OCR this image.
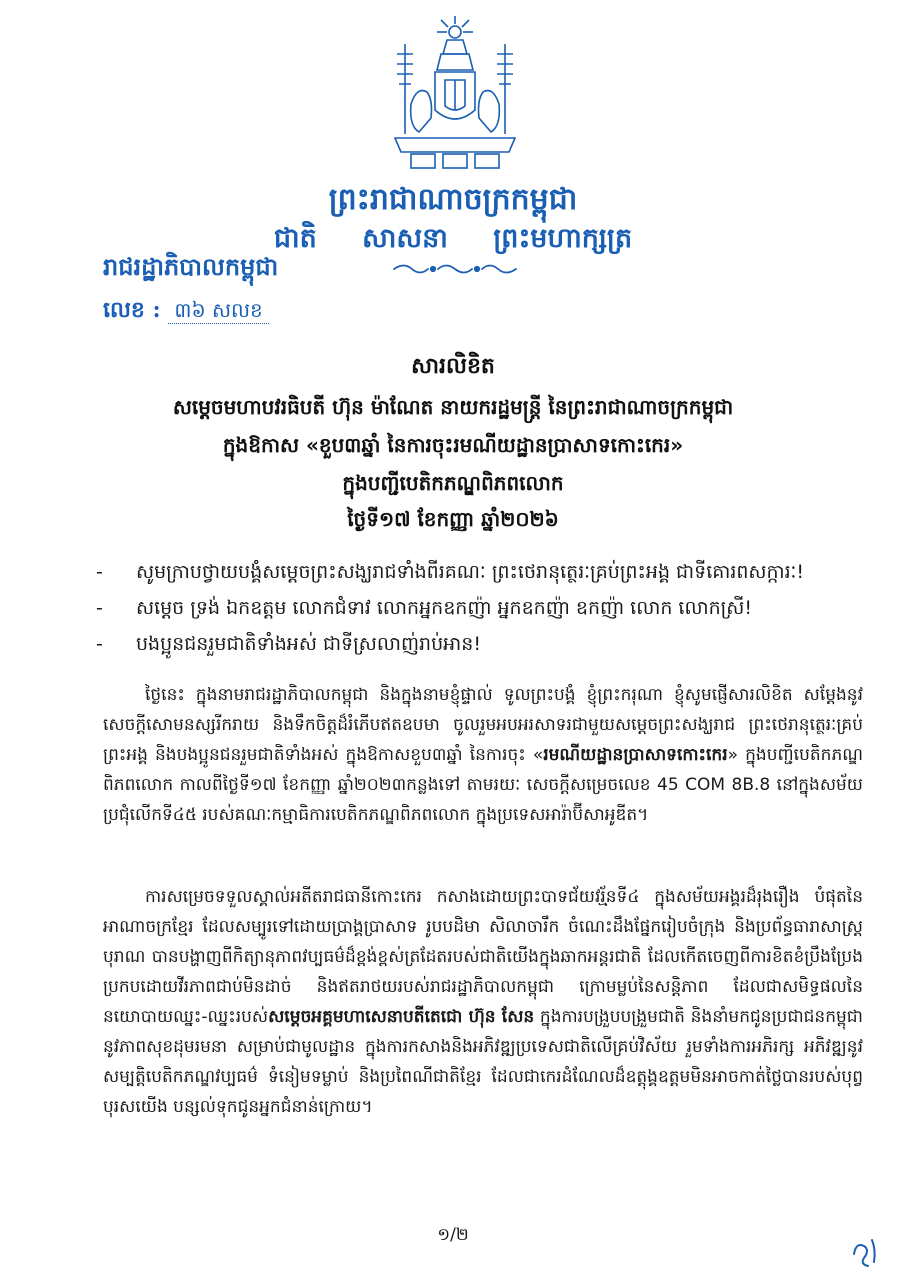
ព្រះរាជាណាចក្រកម្ពុជា
ជាតិ សាសនា ព្រះមហាក្សត្រ
រាជរដ្ឋាភិបាលកម្ពុជា
លេខ : ៣៦ សលខ
សារលិខិត
សម្តេចមហាបវរធិបតី ហ៊ុន ម៉ាណែត នាយករដ្ឋមន្ត្រី នៃព្រះរាជាណាចក្រកម្ពុជា
ក្នុងឱកាស «ខួប៣ឆ្នាំ នៃការចុះរមណីយដ្ឋានប្រាសាទកោះកេរ»
ក្នុងបញ្ជីបេតិកភណ្ឌពិភពលោក
ថ្ងៃទី១៧ ខែកញ្ញា ឆ្នាំ២០២៦
- សូមក្រាបថ្វាយបង្គំសម្តេចព្រះសង្ឃរាជទាំងពីរគណៈ ព្រះថេរានុត្ថេរៈគ្រប់ព្រះអង្គ ជាទីគោរពសក្ការៈ!
- សម្តេច ទ្រង់ ឯកឧត្តម លោកជំទាវ លោកអ្នកឧកញ៉ា អ្នកឧកញ៉ា ឧកញ៉ា លោក លោកស្រី!
- បងប្អូនជនរួមជាតិទាំងអស់ ជាទីស្រលាញ់រាប់អាន!

ថ្ងៃនេះ ក្នុងនាមរាជរដ្ឋាភិបាលកម្ពុជា និងក្នុងនាមខ្ញុំផ្ទាល់ ទូលព្រះបង្គំ ខ្ញុំព្រះករុណា ខ្ញុំសូមផ្ញើសារលិខិត សម្តែងនូវសេចក្តីសោមនស្សរីករាយ និងទឹកចិត្តដ៏រំភើបឥតឧបមា ចូលរួមអបអរសាទរជាមួយសម្តេចព្រះសង្ឃរាជ ព្រះថេរានុត្ថេរៈគ្រប់ព្រះអង្គ និងបងប្អូនជនរួមជាតិទាំងអស់ ក្នុងឱកាសខួប៣ឆ្នាំ នៃការចុះ «រមណីយដ្ឋានប្រាសាទកោះកេរ» ក្នុងបញ្ជីបេតិកភណ្ឌពិភពលោក កាលពីថ្ងៃទី១៧ ខែកញ្ញា ឆ្នាំ២០២៣កន្លងទៅ តាមរយៈ សេចក្តីសម្រេចលេខ 45 COM 8B.8 នៅក្នុងសម័យប្រជុំលើកទី៤៥ របស់គណៈកម្មាធិការបេតិកភណ្ឌពិភពលោក ក្នុងប្រទេសអារ៉ាប៊ីសាអូឌីត។

ការសម្រេចទទួលស្គាល់អតីតរាជធានីកោះកេរ កសាងដោយព្រះបាទជ័យវរ្ម័នទី៤ ក្នុងសម័យអង្គរដ៏រុងរឿង បំផុតនៃអាណាចក្រខ្មែរ ដែលសម្បូរទៅដោយប្រាង្គប្រាសាទ រូបបដិមា សិលាចារឹក ចំណេះដឹងផ្នែករៀបចំក្រុង និងប្រព័ន្ធធារាសាស្ត្របុរាណ បានបង្ហាញពីកិត្យានុភាពវប្បធម៌ដ៏ខ្ពង់ខ្ពស់ត្រដែតរបស់ជាតិយើងក្នុងឆាកអន្តរជាតិ ដែលកើតចេញពីការខិតខំប្រឹងប្រែងប្រកបដោយវីរភាពជាប់មិនដាច់ និងឥតរាថយរបស់រាជរដ្ឋាភិបាលកម្ពុជា ក្រោមម្លប់នៃសន្តិភាព ដែលជាសមិទ្ធផលនៃនយោបាយឈ្នះ-ឈ្នះរបស់សម្តេចអគ្គមហាសេនាបតីតេជោ ហ៊ុន សែន ក្នុងការបង្រួបបង្រួមជាតិ និងនាំមកជូនប្រជាជនកម្ពុជានូវភាពសុខដុមរមនា សម្រាប់ជាមូលដ្ឋាន ក្នុងការកសាងនិងអភិវឌ្ឍប្រទេសជាតិលើគ្រប់វិស័យ រួមទាំងការអភិរក្ស អភិវឌ្ឍនូវសម្បត្តិបេតិកភណ្ឌវប្បធម៌ ទំនៀមទម្លាប់ និងប្រពៃណីជាតិខ្មែរ ដែលជាកេរដំណែលដ៏ឧត្តុង្គឧត្តមមិនអាចកាត់ថ្លៃបានរបស់បុព្វបុរសយើង បន្សល់ទុកជូនអ្នកជំនាន់ក្រោយ។

១/២
